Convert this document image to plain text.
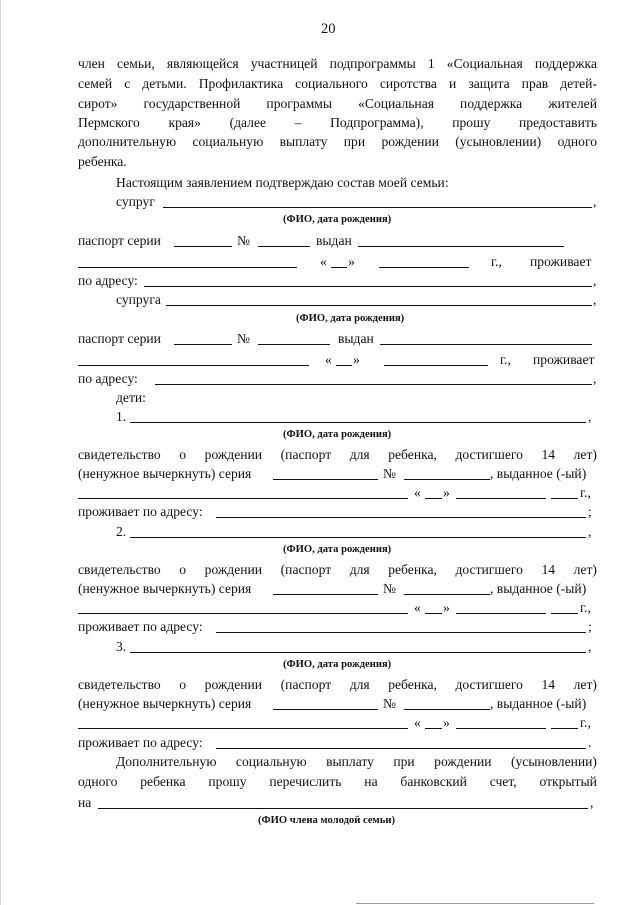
20
член семьи, являющейся участницей подпрограммы 1 «Социальная поддержка
семей с детьми. Профилактика социального сиротства и защита прав детей-
сирот» государственной программы «Социальная поддержка жителей
Пермского края» (далее – Подпрограмма), прошу предоставить
дополнительную социальную выплату при рождении (усыновлении) одного
ребенка.
Настоящим заявлением подтверждаю состав моей семьи:
супруг	,
(ФИО, дата рождения)
паспорт серии	№	выдан
« »	г., проживает
по адресу:	,
супруга	,
(ФИО, дата рождения)
паспорт серии	№	выдан
« »	г., проживает
по адресу:	,
дети:
1.	,
(ФИО, дата рождения)
свидетельство о рождении (паспорт для ребенка, достигшего 14 лет)
(ненужное вычеркнуть) серия	№	, выданное (-ый)
« »	г.,
проживает по адресу:	;
2.	,
(ФИО, дата рождения)
свидетельство о рождении (паспорт для ребенка, достигшего 14 лет)
(ненужное вычеркнуть) серия	№	, выданное (-ый)
« »	г.,
проживает по адресу:	;
3.	,
(ФИО, дата рождения)
свидетельство о рождении (паспорт для ребенка, достигшего 14 лет)
(ненужное вычеркнуть) серия	№	, выданное (-ый)
« »	г.,
проживает по адресу:	.
Дополнительную социальную выплату при рождении (усыновлении)
одного ребенка прошу перечислить на банковский счет, открытый
на	,
(ФИО члена молодой семьи)
